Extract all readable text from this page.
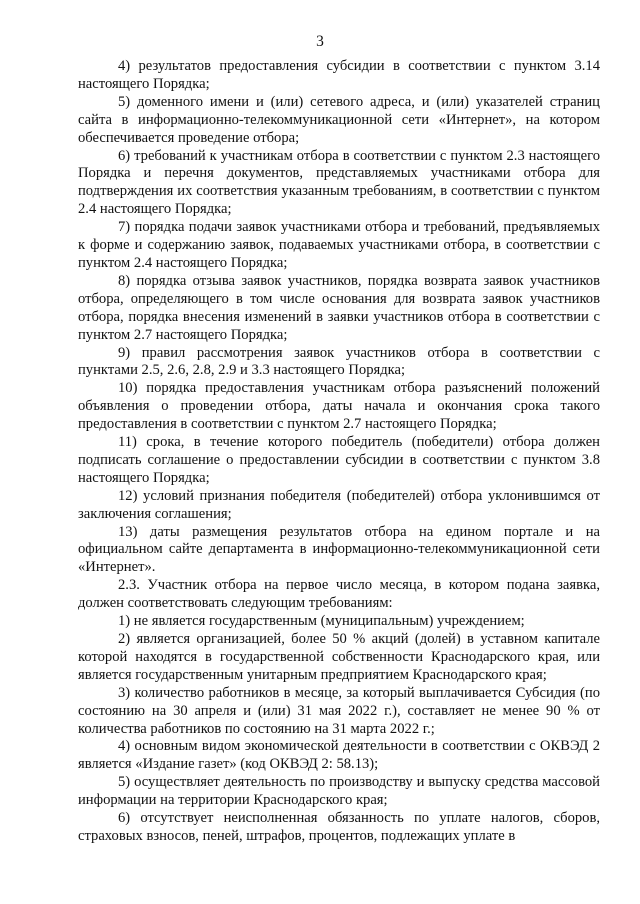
3

4) результатов предоставления субсидии в соответствии с пунктом 3.14 настоящего Порядка;

5) доменного имени и (или) сетевого адреса, и (или) указателей страниц сайта в информационно-телекоммуникационной сети «Интернет», на котором обеспечивается проведение отбора;

6) требований к участникам отбора в соответствии с пунктом 2.3 настоящего Порядка и перечня документов, представляемых участниками отбора для подтверждения их соответствия указанным требованиям, в соответствии с пунктом 2.4 настоящего Порядка;

7) порядка подачи заявок участниками отбора и требований, предъявляемых к форме и содержанию заявок, подаваемых участниками отбора, в соответствии с пунктом 2.4 настоящего Порядка;

8) порядка отзыва заявок участников, порядка возврата заявок участников отбора, определяющего в том числе основания для возврата заявок участников отбора, порядка внесения изменений в заявки участников отбора в соответствии с пунктом 2.7 настоящего Порядка;

9) правил рассмотрения заявок участников отбора в соответствии с пунктами 2.5, 2.6, 2.8, 2.9 и 3.3 настоящего Порядка;

10) порядка предоставления участникам отбора разъяснений положений объявления о проведении отбора, даты начала и окончания срока такого предоставления в соответствии с пунктом 2.7 настоящего Порядка;

11) срока, в течение которого победитель (победители) отбора должен подписать соглашение о предоставлении субсидии в соответствии с пунктом 3.8 настоящего Порядка;

12) условий признания победителя (победителей) отбора уклонившимся от заключения соглашения;

13) даты размещения результатов отбора на едином портале и на официальном сайте департамента в информационно-телекоммуникационной сети «Интернет».

2.3. Участник отбора на первое число месяца, в котором подана заявка, должен соответствовать следующим требованиям:

1) не является государственным (муниципальным) учреждением;

2) является организацией, более 50 % акций (долей) в уставном капитале которой находятся в государственной собственности Краснодарского края, или является государственным унитарным предприятием Краснодарского края;

3) количество работников в месяце, за который выплачивается Субсидия (по состоянию на 30 апреля и (или) 31 мая 2022 г.), составляет не менее 90 % от количества работников по состоянию на 31 марта 2022 г.;

4) основным видом экономической деятельности в соответствии с ОКВЭД 2 является «Издание газет» (код ОКВЭД 2: 58.13);

5) осуществляет деятельность по производству и выпуску средства массовой информации на территории Краснодарского края;

6) отсутствует неисполненная обязанность по уплате налогов, сборов, страховых взносов, пеней, штрафов, процентов, подлежащих уплате в
